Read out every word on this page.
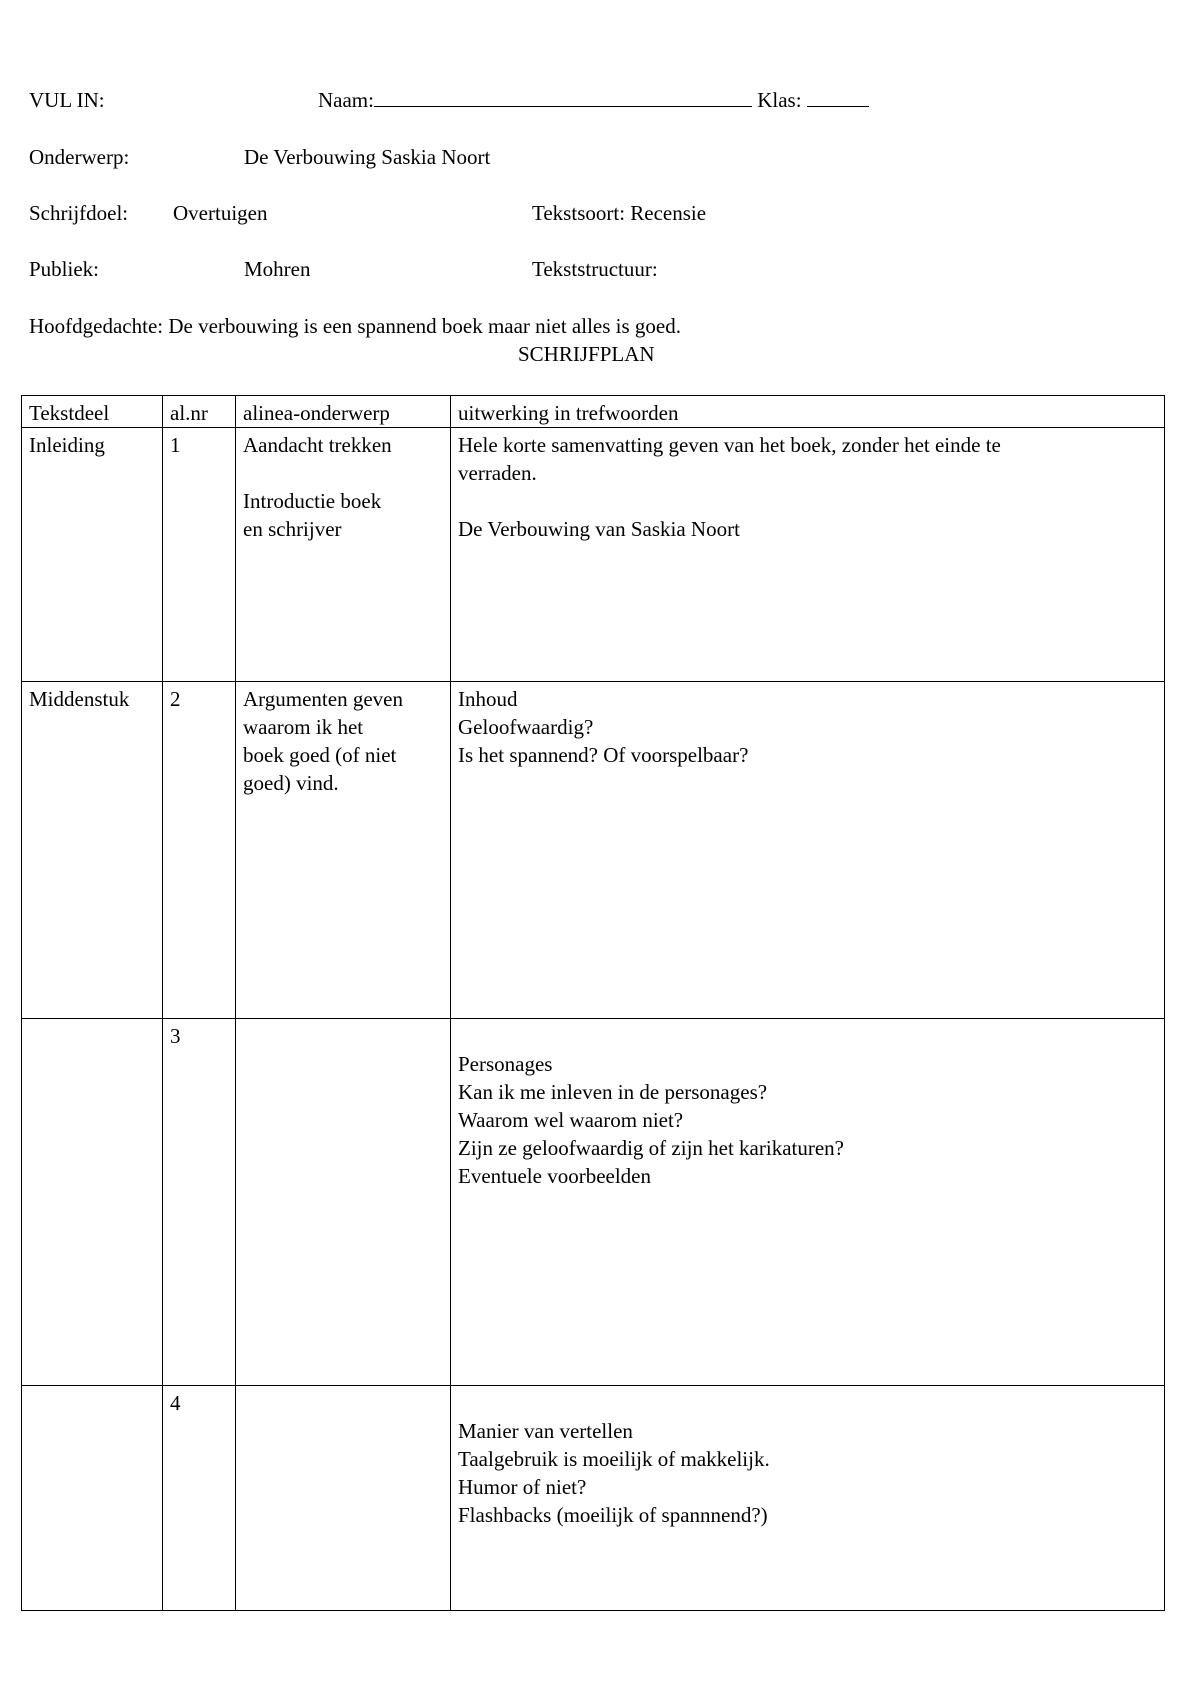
VUL IN:	Naam:	Klas:
Onderwerp:	De Verbouwing Saskia Noort
Schrijfdoel: Overtuigen	Tekstsoort: Recensie
Publiek:	Mohren	Tekststructuur:
Hoofdgedachte: De verbouwing is een spannend boek maar niet alles is goed.
SCHRIJFPLAN
Tekstdeel	al.nr	alinea-onderwerp	uitwerking in trefwoorden
Inleiding	1	Aandacht trekken
Introductie boek
en schrijver	Hele korte samenvatting geven van het boek, zonder het einde te
verraden.
De Verbouwing van Saskia Noort

Middenstuk	2	Argumenten geven
waarom ik het
boek goed (of niet
goed) vind.	Inhoud
Geloofwaardig?
Is het spannend? Of voorspelbaar?

	3		Personages
Kan ik me inleven in de personages?
Waarom wel waarom niet?
Zijn ze geloofwaardig of zijn het karikaturen?
Eventuele voorbeelden

	4		Manier van vertellen
Taalgebruik is moeilijk of makkelijk.
Humor of niet?
Flashbacks (moeilijk of spannnend?)
